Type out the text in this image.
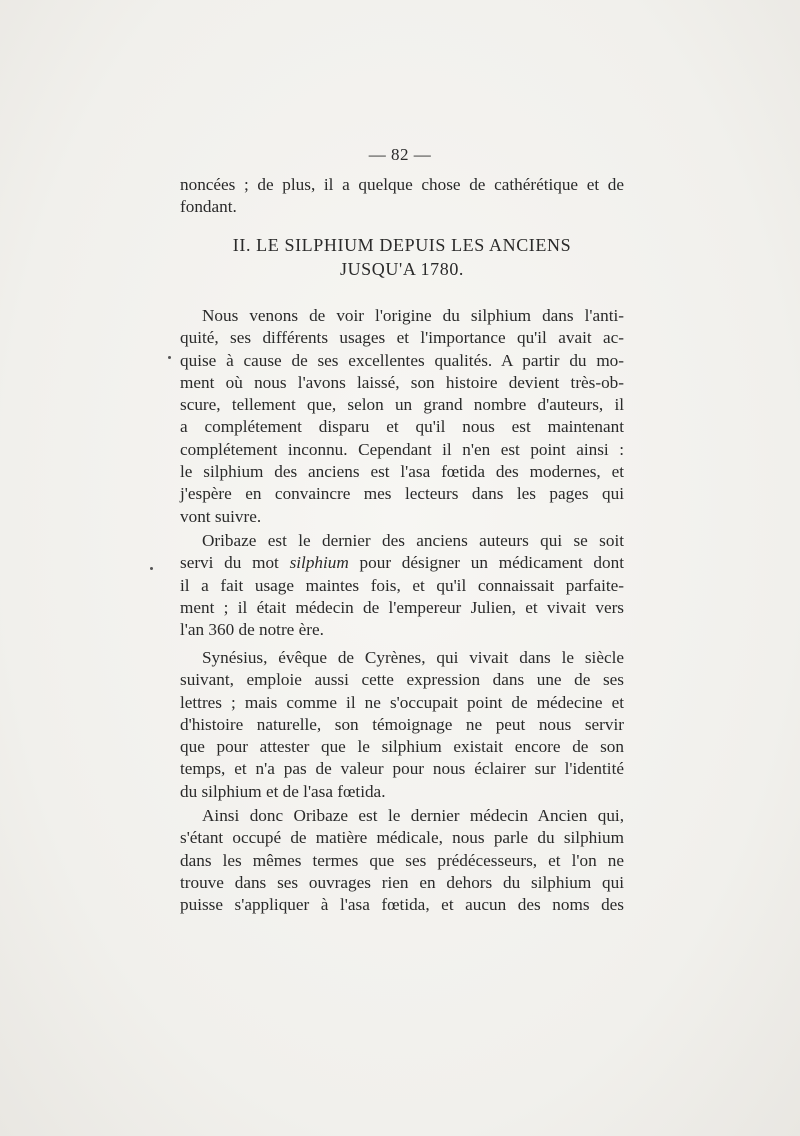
— 82 —
noncées ; de plus, il a quelque chose de cathérétique et de
fondant.
II. LE SILPHIUM DEPUIS LES ANCIENS
JUSQU'A 1780.
Nous venons de voir l'origine du silphium dans l'anti-
quité, ses différents usages et l'importance qu'il avait ac-
quise à cause de ses excellentes qualités. A partir du mo-
ment où nous l'avons laissé, son histoire devient très-ob-
scure, tellement que, selon un grand nombre d'auteurs, il
a complétement disparu et qu'il nous est maintenant
complétement inconnu. Cependant il n'en est point ainsi :
le silphium des anciens est l'asa fœtida des modernes, et
j'espère en convaincre mes lecteurs dans les pages qui
vont suivre.
Oribaze est le dernier des anciens auteurs qui se soit
servi du mot silphium pour désigner un médicament dont
il a fait usage maintes fois, et qu'il connaissait parfaite-
ment ; il était médecin de l'empereur Julien, et vivait vers
l'an 360 de notre ère.
Synésius, évêque de Cyrènes, qui vivait dans le siècle
suivant, emploie aussi cette expression dans une de ses
lettres ; mais comme il ne s'occupait point de médecine et
d'histoire naturelle, son témoignage ne peut nous servir
que pour attester que le silphium existait encore de son
temps, et n'a pas de valeur pour nous éclairer sur l'identité
du silphium et de l'asa fœtida.
Ainsi donc Oribaze est le dernier médecin Ancien qui,
s'étant occupé de matière médicale, nous parle du silphium
dans les mêmes termes que ses prédécesseurs, et l'on ne
trouve dans ses ouvrages rien en dehors du silphium qui
puisse s'appliquer à l'asa fœtida, et aucun des noms des
